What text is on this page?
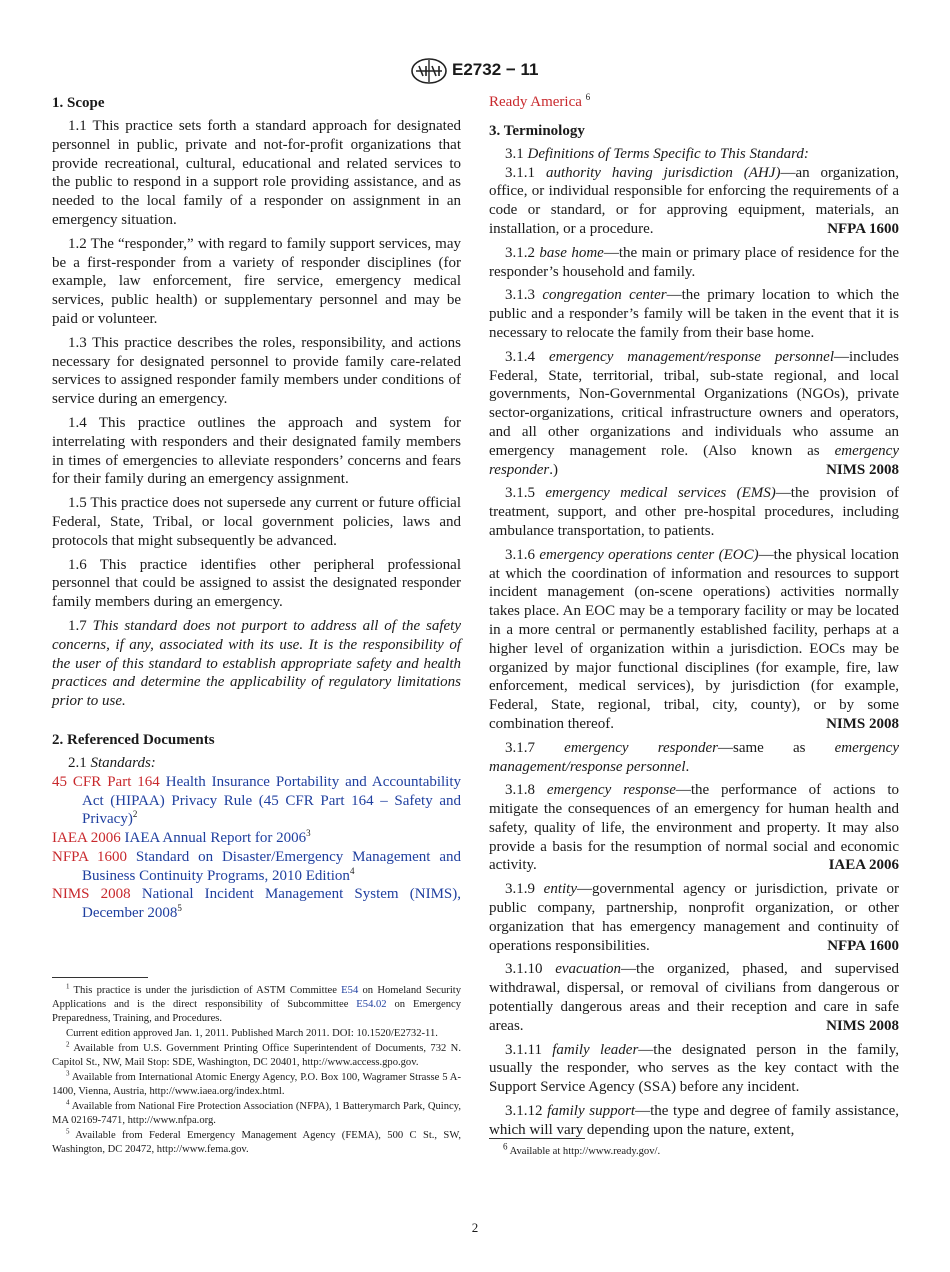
E2732 − 11
1. Scope

1.1 This practice sets forth a standard approach for designated personnel in public, private and not-for-profit organizations that provide recreational, cultural, educational and related services to the public to respond in a support role providing assistance, and as needed to the local family of a responder on assignment in an emergency situation.

1.2 The “responder,” with regard to family support services, may be a first-responder from a variety of responder disciplines (for example, law enforcement, fire service, emergency medical services, public health) or supplementary personnel and may be paid or volunteer.

1.3 This practice describes the roles, responsibility, and actions necessary for designated personnel to provide family care-related services to assigned responder family members under conditions of service during an emergency.

1.4 This practice outlines the approach and system for interrelating with responders and their designated family members in times of emergencies to alleviate responders’ concerns and fears for their family during an emergency assignment.

1.5 This practice does not supersede any current or future official Federal, State, Tribal, or local government policies, laws and protocols that might subsequently be advanced.

1.6 This practice identifies other peripheral professional personnel that could be assigned to assist the designated responder family members during an emergency.

1.7 This standard does not purport to address all of the safety concerns, if any, associated with its use. It is the responsibility of the user of this standard to establish appropriate safety and health practices and determine the applicability of regulatory limitations prior to use.

2. Referenced Documents

2.1 Standards:

45 CFR Part 164 Health Insurance Portability and Accountability Act (HIPAA) Privacy Rule (45 CFR Part 164 – Safety and Privacy)$^2$

IAEA 2006 IAEA Annual Report for 2006$^3$

NFPA 1600 Standard on Disaster/Emergency Management and Business Continuity Programs, 2010 Edition$^4$

NIMS 2008 National Incident Management System (NIMS), December 2008$^5$

$^1$ This practice is under the jurisdiction of ASTM Committee E54 on Homeland Security Applications and is the direct responsibility of Subcommittee E54.02 on Emergency Preparedness, Training, and Procedures.

Current edition approved Jan. 1, 2011. Published March 2011. DOI: 10.1520/E2732-11.

$^2$ Available from U.S. Government Printing Office Superintendent of Documents, 732 N. Capitol St., NW, Mail Stop: SDE, Washington, DC 20401, http://www.access.gpo.gov.

$^3$ Available from International Atomic Energy Agency, P.O. Box 100, Wagramer Strasse 5 A-1400, Vienna, Austria, http://www.iaea.org/index.html.

$^4$ Available from National Fire Protection Association (NFPA), 1 Batterymarch Park, Quincy, MA 02169-7471, http://www.nfpa.org.

$^5$ Available from Federal Emergency Management Agency (FEMA), 500 C St., SW, Washington, DC 20472, http://www.fema.gov.

Ready America $^6$

3. Terminology

3.1 Definitions of Terms Specific to This Standard:

3.1.1 authority having jurisdiction (AHJ)—an organization, office, or individual responsible for enforcing the requirements of a code or standard, or for approving equipment, materials, an installation, or a procedure.	NFPA 1600

3.1.2 base home—the main or primary place of residence for the responder’s household and family.

3.1.3 congregation center—the primary location to which the public and a responder’s family will be taken in the event that it is necessary to relocate the family from their base home.

3.1.4 emergency management/response personnel—includes Federal, State, territorial, tribal, sub-state regional, and local governments, Non-Governmental Organizations (NGOs), private sector-organizations, critical infrastructure owners and operators, and all other organizations and individuals who assume an emergency management role. (Also known as emergency responder.)	NIMS 2008

3.1.5 emergency medical services (EMS)—the provision of treatment, support, and other pre-hospital procedures, including ambulance transportation, to patients.

3.1.6 emergency operations center (EOC)—the physical location at which the coordination of information and resources to support incident management (on-scene operations) activities normally takes place. An EOC may be a temporary facility or may be located in a more central or permanently established facility, perhaps at a higher level of organization within a jurisdiction. EOCs may be organized by major functional disciplines (for example, fire, law enforcement, medical services), by jurisdiction (for example, Federal, State, regional, tribal, city, county), or by some combination thereof.	NIMS 2008

3.1.7 emergency responder—same as emergency management/response personnel.

3.1.8 emergency response—the performance of actions to mitigate the consequences of an emergency for human health and safety, quality of life, the environment and property. It may also provide a basis for the resumption of normal social and economic activity.	IAEA 2006

3.1.9 entity—governmental agency or jurisdiction, private or public company, partnership, nonprofit organization, or other organization that has emergency management and continuity of operations responsibilities.	NFPA 1600

3.1.10 evacuation—the organized, phased, and supervised withdrawal, dispersal, or removal of civilians from dangerous or potentially dangerous areas and their reception and care in safe areas.	NIMS 2008

3.1.11 family leader—the designated person in the family, usually the responder, who serves as the key contact with the Support Service Agency (SSA) before any incident.

3.1.12 family support—the type and degree of family assistance, which will vary depending upon the nature, extent,

$^6$ Available at http://www.ready.gov/.

2
